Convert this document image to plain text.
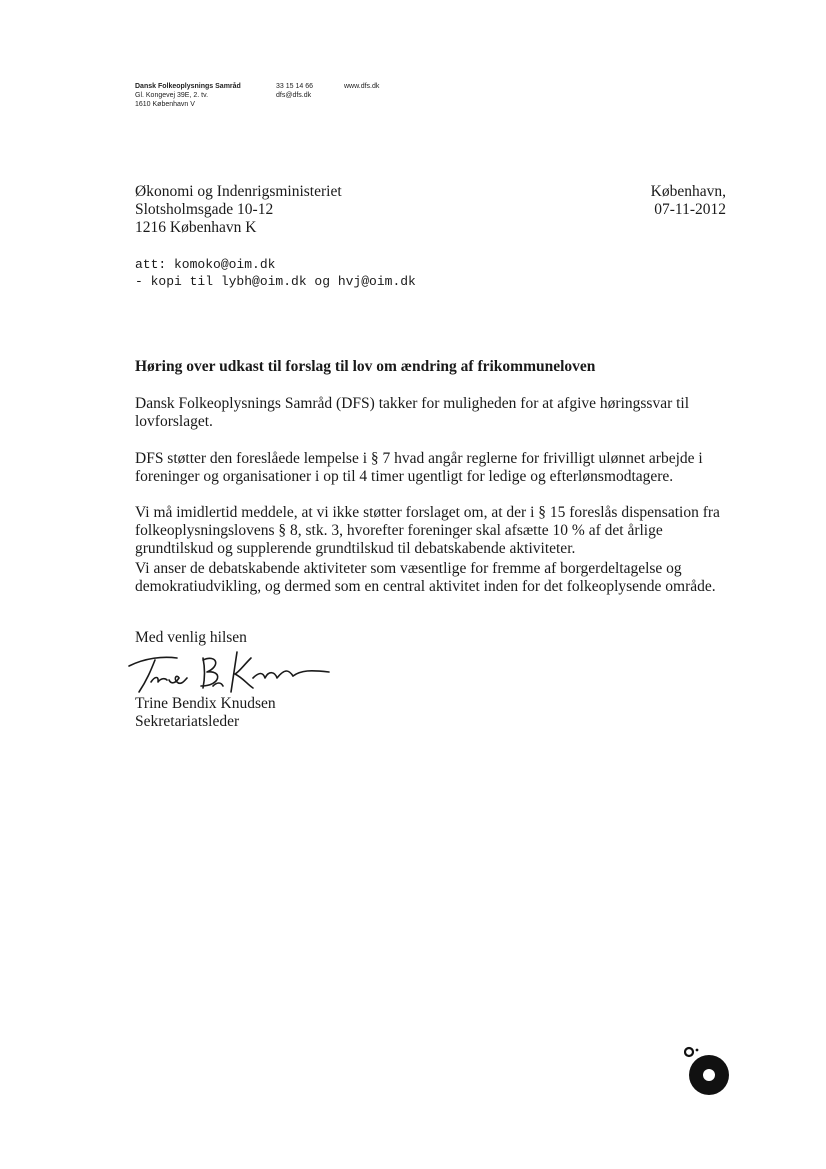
Dansk Folkeoplysnings Samråd
Gl. Kongevej 39E, 2. tv.
1610 København V
33 15 14 66
dfs@dfs.dk
www.dfs.dk
Økonomi og Indenrigsministeriet
Slotsholmsgade 10-12
1216 København K
København,
07-11-2012
att: komoko@oim.dk
- kopi til lybh@oim.dk og hvj@oim.dk
Høring over udkast til forslag til lov om ændring af frikommuneloven
Dansk Folkeoplysnings Samråd (DFS) takker for muligheden for at afgive høringssvar til lovforslaget.
DFS støtter den foreslåede lempelse i § 7 hvad angår reglerne for frivilligt ulønnet arbejde i foreninger og organisationer i op til 4 timer ugentligt for ledige og efterlønsmodtagere.
Vi må imidlertid meddele, at vi ikke støtter forslaget om, at der i § 15 foreslås dispensation fra folkeoplysningslovens § 8, stk. 3, hvorefter foreninger skal afsætte 10 % af det årlige grundtilskud og supplerende grundtilskud til debatskabende aktiviteter.
Vi anser de debatskabende aktiviteter som væsentlige for fremme af borgerdeltagelse og demokratiudvikling, og dermed som en central aktivitet inden for det folkeoplysende område.
Med venlig hilsen
Trine Bendix Knudsen
Sekretariatsleder
